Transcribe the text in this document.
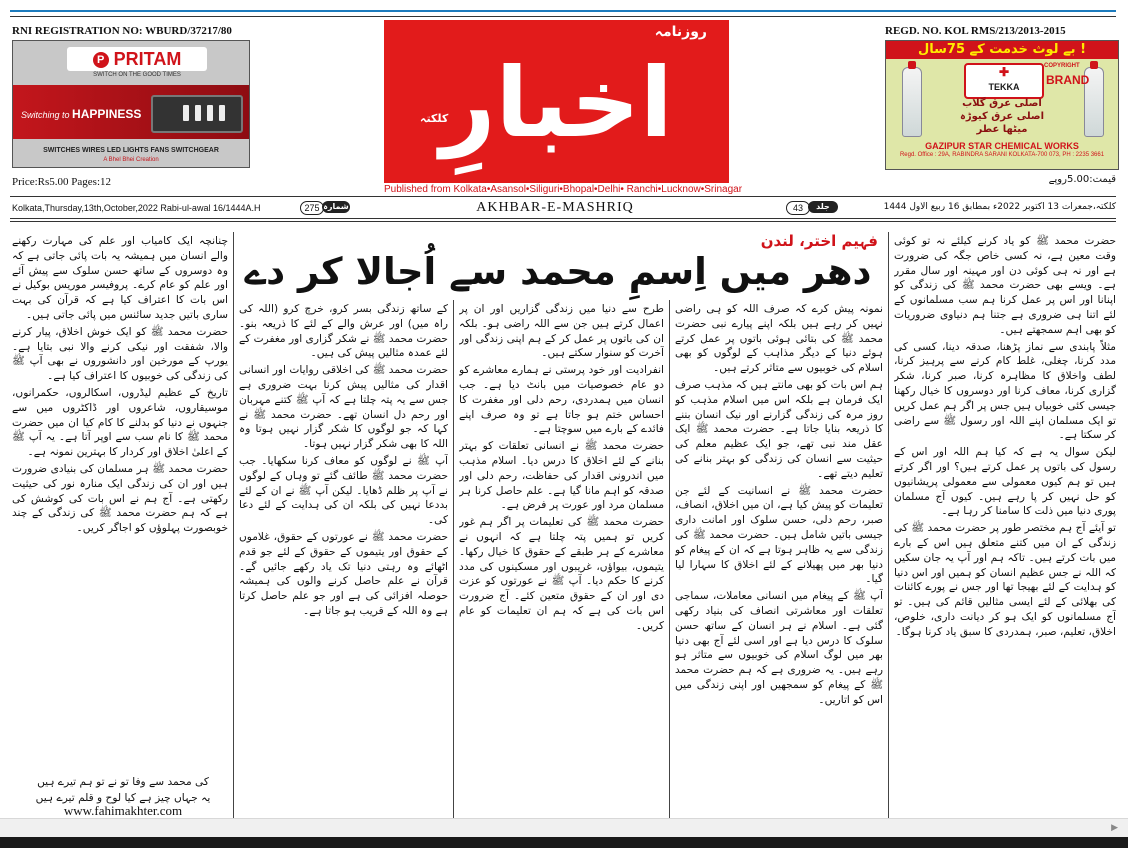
RNI REGISTRATION NO: WBURD/37217/80
P PRITAM
SWITCH ON THE GOOD TIMES
Switching to HAPPINESS
SWITCHES WIRES LED LIGHTS FANS SWITCHGEAR
A Bhel Bhei Creation
Price:Rs5.00 Pages:12
روزنامہ
اخبارِ
کلکتہ
Published from Kolkata•Asansol•Siliguri•Bhopal•Delhi• Ranchi•Lucknow•Srinagar
REGD. NO. KOL RMS/213/2013-2015
بے لوث خدمت کے 75سال !
✚
TEKKA
COPYRIGHT
BRAND
اصلی عرق گلاب
اصلی عرق کیوڑہ
میٹھا عطر
GAZIPUR STAR CHEMICAL WORKS
Regd. Office : 29A, RABINDRA SARANI KOLKATA-700 073, PH : 2235 3661
قیمت:5.00روپے
Kolkata,Thursday,13th,October,2022 Rabi-ul-awal 16/1444A.H	275 شمارہ	AKHBAR-E-MASHRIQ	43	جلد	کلکتہ،جمعرات 13 اکتوبر 2022ء بمطابق 16 ربیع الاول 1444
فہیم اختر، لندن
دھر میں اِسمِ محمد سے اُجالا کر دے

حضرت محمد ﷺ کو یاد کرنے کیلئے نہ تو کوئی وقت معین ہے، نہ کسی خاص جگہ کی ضرورت ہے اور نہ ہی کوئی دن اور مہینہ اور سال مقرر ہے۔ ویسے بھی حضرت محمد ﷺ کی زندگی کو اپنانا اور اس پر عمل کرنا ہم سب مسلمانوں کے لئے اتنا ہی ضروری ہے جتنا ہم دنیاوی ضروریات کو بھی اہم سمجھتے ہیں۔

مثلاً پابندی سے نماز پڑھنا، صدقہ دینا، کسی کی مدد کرنا، چغلی، غلط کام کرنے سے پرہیز کرنا، لطف واخلاق کا مظاہرہ کرنا، صبر کرنا، شکر گزاری کرنا، معاف کرنا اور دوسروں کا خیال رکھنا جیسی کئی خوبیاں ہیں جس پر اگر ہم عمل کریں تو ایک مسلمان اپنے اللہ اور رسول ﷺ سے راضی کر سکتا ہے۔

لیکن سوال یہ ہے کہ کیا ہم اللہ اور اس کے رسول کی باتوں پر عمل کرتے ہیں؟ اور اگر کرتے ہیں تو ہم کیوں معمولی سے معمولی پریشانیوں کو حل نہیں کر پا رہے ہیں۔ کیوں آج مسلمان پوری دنیا میں ذلت کا سامنا کر رہا ہے۔

تو آیئے آج ہم مختصر طور پر حضرت محمد ﷺ کی زندگی کے ان میں کتنے متعلق ہیں اس کے بارے میں بات کرتے ہیں۔ تاکہ ہم اور آپ یہ جان سکیں کہ اللہ نے جس عظیم انسان کو ہمیں اور اس دنیا کو ہدایت کے لئے بھیجا تھا اور جس نے پورے کائنات کی بھلائی کے لئے ایسی مثالیں قائم کی ہیں۔ تو آج مسلمانوں کو ایک ہو کر دیانت داری، خلوص، اخلاق، تعلیم، صبر، ہمدردی کا سبق یاد کرنا ہوگا۔

نمونہ پیش کرے کہ صرف اللہ کو ہی راضی نہیں کر رہے ہیں بلکہ اپنے پیارے نبی حضرت محمد ﷺ کی بتائی ہوئی باتوں پر عمل کرتے ہوئے دنیا کے دیگر مذاہب کے لوگوں کو بھی اسلام کی خوبیوں سے متاثر کرتے ہیں۔

ہم اس بات کو بھی مانتے ہیں کہ مذہب صرف ایک فرمان ہے بلکہ اس میں اسلام مذہب کو روز مرہ کی زندگی گزارنے اور نیک انسان بننے کا ذریعہ بنایا جاتا ہے۔ حضرت محمد ﷺ ایک عقل مند نبی تھے، جو ایک عظیم معلم کی حیثیت سے انسان کی زندگی کو بہتر بنانے کی تعلیم دیتے تھے۔

حضرت محمد ﷺ نے انسانیت کے لئے جن تعلیمات کو پیش کیا ہے، ان میں اخلاق، انصاف، صبر، رحم دلی، حسن سلوک اور امانت داری جیسی باتیں شامل ہیں۔ حضرت محمد ﷺ کی زندگی سے یہ ظاہر ہوتا ہے کہ ان کے پیغام کو دنیا بھر میں پھیلانے کے لئے اخلاق کا سہارا لیا گیا۔

آپ ﷺ کے پیغام میں انسانی معاملات، سماجی تعلقات اور معاشرتی انصاف کی بنیاد رکھی گئی ہے۔ اسلام نے ہر انسان کے ساتھ حسن سلوک کا درس دیا ہے اور اسی لئے آج بھی دنیا بھر میں لوگ اسلام کی خوبیوں سے متاثر ہو رہے ہیں۔ یہ ضروری ہے کہ ہم حضرت محمد ﷺ کے پیغام کو سمجھیں اور اپنی زندگی میں اس کو اتاریں۔

طرح سے دنیا میں زندگی گزاریں اور ان پر اعمال کرتے ہیں جن سے اللہ راضی ہو۔ بلکہ ان کی باتوں پر عمل کر کے ہم اپنی زندگی اور آخرت کو سنوار سکتے ہیں۔

انفرادیت اور خود پرستی نے ہمارے معاشرے کو دو عام خصوصیات میں بانٹ دیا ہے۔ جب انسان میں ہمدردی، رحم دلی اور مغفرت کا احساس ختم ہو جاتا ہے تو وہ صرف اپنے فائدے کے بارے میں سوچتا ہے۔

حضرت محمد ﷺ نے انسانی تعلقات کو بہتر بنانے کے لئے اخلاق کا درس دیا۔ اسلام مذہب میں اندرونی اقدار کی حفاظت، رحم دلی اور صدقہ کو اہم مانا گیا ہے۔ علم حاصل کرنا ہر مسلمان مرد اور عورت پر فرض ہے۔

حضرت محمد ﷺ کی تعلیمات پر اگر ہم غور کریں تو ہمیں پتہ چلتا ہے کہ انہوں نے معاشرے کے ہر طبقے کے حقوق کا خیال رکھا۔ یتیموں، بیواؤں، غریبوں اور مسکینوں کی مدد کرنے کا حکم دیا۔ آپ ﷺ نے عورتوں کو عزت دی اور ان کے حقوق متعین کئے۔ آج ضرورت اس بات کی ہے کہ ہم ان تعلیمات کو عام کریں۔

کے ساتھ زندگی بسر کرو، خرچ کرو (اللہ کی راہ میں) اور عرش والے کے لئے کا ذریعہ بنو۔ حضرت محمد ﷺ نے شکر گزاری اور مغفرت کے لئے عمدہ مثالیں پیش کی ہیں۔

حضرت محمد ﷺ کی اخلاقی روایات اور انسانی اقدار کی مثالیں پیش کرنا بہت ضروری ہے جس سے یہ پتہ چلتا ہے کہ آپ ﷺ کتنے مہربان اور رحم دل انسان تھے۔ حضرت محمد ﷺ نے کہا کہ جو لوگوں کا شکر گزار نہیں ہوتا وہ اللہ کا بھی شکر گزار نہیں ہوتا۔

آپ ﷺ نے لوگوں کو معاف کرنا سکھایا۔ جب حضرت محمد ﷺ طائف گئے تو وہاں کے لوگوں نے آپ پر ظلم ڈھایا۔ لیکن آپ ﷺ نے ان کے لئے بددعا نہیں کی بلکہ ان کی ہدایت کے لئے دعا کی۔

حضرت محمد ﷺ نے عورتوں کے حقوق، غلاموں کے حقوق اور یتیموں کے حقوق کے لئے جو قدم اٹھائے وہ رہتی دنیا تک یاد رکھے جائیں گے۔ قرآن نے علم حاصل کرنے والوں کی ہمیشہ حوصلہ افزائی کی ہے اور جو علم حاصل کرتا ہے وہ اللہ کے قریب ہو جاتا ہے۔

چنانچہ ایک کامیاب اور علم کی مہارت رکھنے والے انسان میں ہمیشہ یہ بات پائی جاتی ہے کہ وہ دوسروں کے ساتھ حسن سلوک سے پیش آئے اور علم کو عام کرے۔ پروفیسر موریس بوکیل نے اس بات کا اعتراف کیا ہے کہ قرآن کی بہت ساری باتیں جدید سائنس میں پائی جاتی ہیں۔

حضرت محمد ﷺ کو ایک خوش اخلاق، پیار کرنے والا، شفقت اور نیکی کرنے والا نبی بتایا ہے۔ یورپ کے مورخین اور دانشوروں نے بھی آپ ﷺ کی زندگی کی خوبیوں کا اعتراف کیا ہے۔

تاریخ کے عظیم لیڈروں، اسکالروں، حکمرانوں، موسیقاروں، شاعروں اور ڈاکٹروں میں سے جنہوں نے دنیا کو بدلنے کا کام کیا ان میں حضرت محمد ﷺ کا نام سب سے اوپر آتا ہے۔ یہ آپ ﷺ کے اعلیٰ اخلاق اور کردار کا بہترین نمونہ ہے۔

حضرت محمد ﷺ ہر مسلمان کی بنیادی ضرورت ہیں اور ان کی زندگی ایک منارہ نور کی حیثیت رکھتی ہے۔ آج ہم نے اس بات کی کوشش کی ہے کہ ہم حضرت محمد ﷺ کی زندگی کے چند خوبصورت پہلوؤں کو اجاگر کریں۔

کی محمد سے وفا تو نے تو ہم تیرے ہیں
یہ جہاں چیز ہے کیا لوح و قلم تیرے ہیں
www.fahimakhter.com
▶
